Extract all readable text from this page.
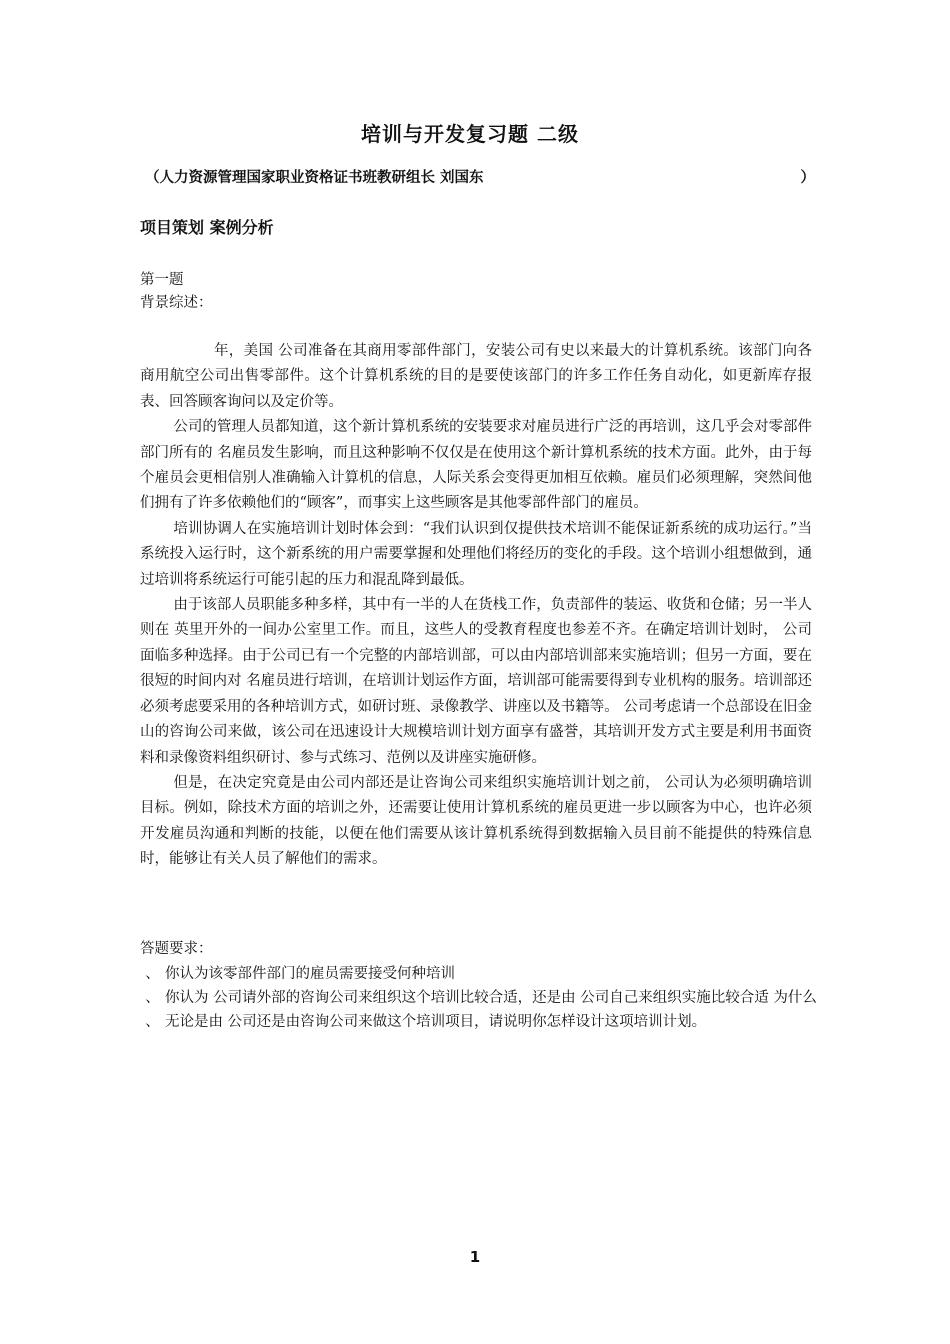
培训与开发复习题 二级
（人力资源管理国家职业资格证书班教研组长 刘国东	）
项目策划 案例分析
第一题
背景综述：

年，美国 公司准备在其商用零部件部门，安装公司有史以来最大的计算机系统。该部门向各商用航空公司出售零部件。这个计算机系统的目的是要使该部门的许多工作任务自动化，如更新库存报表、回答顾客询问以及定价等。

公司的管理人员都知道，这个新计算机系统的安装要求对雇员进行广泛的再培训，这几乎会对零部件部门所有的 名雇员发生影响，而且这种影响不仅仅是在使用这个新计算机系统的技术方面。此外，由于每个雇员会更相信别人准确输入计算机的信息，人际关系会变得更加相互依赖。雇员们必须理解，突然间他们拥有了许多依赖他们的“顾客”，而事实上这些顾客是其他零部件部门的雇员。

培训协调人在实施培训计划时体会到：“我们认识到仅提供技术培训不能保证新系统的成功运行。”当系统投入运行时，这个新系统的用户需要掌握和处理他们将经历的变化的手段。这个培训小组想做到，通过培训将系统运行可能引起的压力和混乱降到最低。

由于该部人员职能多种多样，其中有一半的人在货栈工作，负责部件的装运、收货和仓储；另一半人则在 英里开外的一间办公室里工作。而且，这些人的受教育程度也参差不齐。在确定培训计划时， 公司面临多种选择。由于公司已有一个完整的内部培训部，可以由内部培训部来实施培训；但另一方面，要在很短的时间内对 名雇员进行培训，在培训计划运作方面，培训部可能需要得到专业机构的服务。培训部还必须考虑要采用的各种培训方式，如研讨班、录像教学、讲座以及书籍等。 公司考虑请一个总部设在旧金山的咨询公司来做，该公司在迅速设计大规模培训计划方面享有盛誉，其培训开发方式主要是利用书面资料和录像资料组织研讨、参与式练习、范例以及讲座实施研修。

但是，在决定究竟是由公司内部还是让咨询公司来组织实施培训计划之前， 公司认为必须明确培训目标。例如，除技术方面的培训之外，还需要让使用计算机系统的雇员更进一步以顾客为中心，也许必须开发雇员沟通和判断的技能，以便在他们需要从该计算机系统得到数据输入员目前不能提供的特殊信息时，能够让有关人员了解他们的需求。

答题要求：
、 你认为该零部件部门的雇员需要接受何种培训
、 你认为 公司请外部的咨询公司来组织这个培训比较合适，还是由 公司自己来组织实施比较合适 为什么
、 无论是由 公司还是由咨询公司来做这个培训项目，请说明你怎样设计这项培训计划。
1
